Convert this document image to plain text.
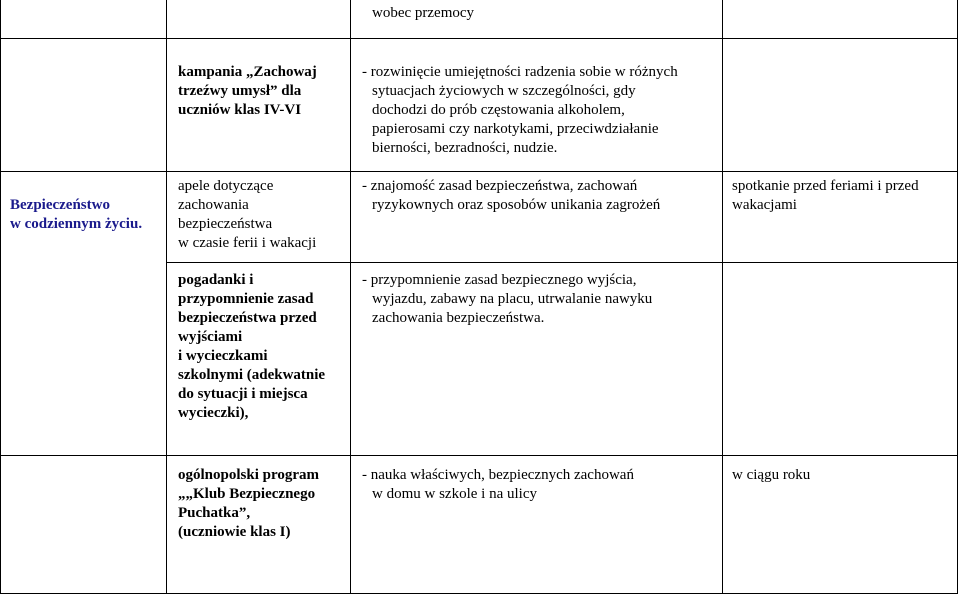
wobec przemocy
kampania „Zachowaj
trzeźwy umysł” dla
uczniów klas IV-VI
- rozwinięcie umiejętności radzenia sobie w różnych
sytuacjach życiowych w szczególności, gdy
dochodzi do prób częstowania alkoholem,
papierosami czy narkotykami, przeciwdziałanie
bierności, bezradności, nudzie.
Bezpieczeństwo
w codziennym życiu.
apele dotyczące
zachowania
bezpieczeństwa
w czasie ferii i wakacji
- znajomość zasad bezpieczeństwa, zachowań
ryzykownych oraz sposobów unikania zagrożeń
spotkanie przed feriami i przed
wakacjami
pogadanki i
przypomnienie zasad
bezpieczeństwa przed
wyjściami
i wycieczkami
szkolnymi (adekwatnie
do sytuacji i miejsca
wycieczki),
- przypomnienie zasad bezpiecznego wyjścia,
wyjazdu, zabawy na placu, utrwalanie nawyku
zachowania bezpieczeństwa.
ogólnopolski program
„„Klub Bezpiecznego
Puchatka”,
(uczniowie klas I)
- nauka właściwych, bezpiecznych zachowań
w domu w szkole i na ulicy
w ciągu roku
